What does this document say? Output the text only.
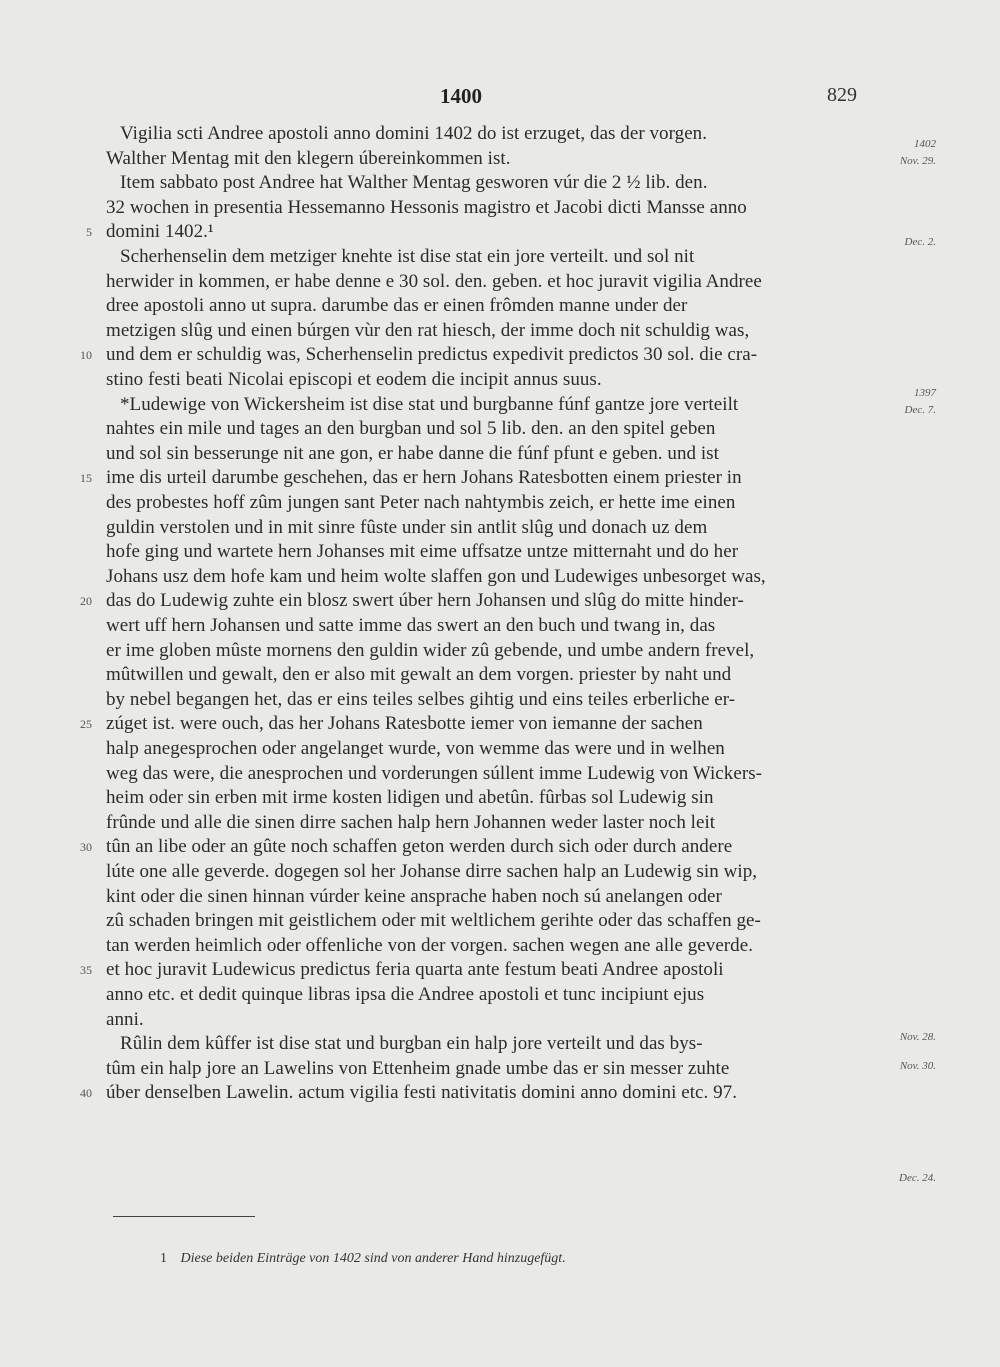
1400	829
Vigilia scti Andree apostoli anno domini 1402 do ist erzuget, das der vorgen.
Walther Mentag mit den klegern úbereinkommen ist.
Item sabbato post Andree hat Walther Mentag gesworen vúr die 2 ½ lib. den.
32 wochen in presentia Hessemanno Hessonis magistro et Jacobi dicti Mansse anno
domini 1402.¹
5
Scherhenselin dem metziger knehte ist dise stat ein jore verteilt. und sol nit
herwider in kommen, er habe denne e 30 sol. den. geben. et hoc juravit vigilia Andree
dree apostoli anno ut supra. darumbe das er einen frômden manne under der
metzigen slûg und einen búrgen vùr den rat hiesch, der imme doch nit schuldig was,
und dem er schuldig was, Scherhenselin predictus expedivit predictos 30 sol. die cra-
10
stino festi beati Nicolai episcopi et eodem die incipit annus suus.
*Ludewige von Wickersheim ist dise stat und burgbanne fúnf gantze jore verteilt
nahtes ein mile und tages an den burgban und sol 5 lib. den. an den spitel geben
und sol sin besserunge nit ane gon, er habe danne die fúnf pfunt e geben. und ist
ime dis urteil darumbe geschehen, das er hern Johans Ratesbotten einem priester in
15
des probestes hoff zûm jungen sant Peter nach nahtymbis zeich, er hette ime einen
guldin verstolen und in mit sinre fûste under sin antlit slûg und donach uz dem
hofe ging und wartete hern Johanses mit eime uffsatze untze mitternaht und do her
Johans usz dem hofe kam und heim wolte slaffen gon und Ludewiges unbesorget was,
das do Ludewig zuhte ein blosz swert úber hern Johansen und slûg do mitte hinder-
20
wert uff hern Johansen und satte imme das swert an den buch und twang in, das
er ime globen mûste mornens den guldin wider zû gebende, und umbe andern frevel,
mûtwillen und gewalt, den er also mit gewalt an dem vorgen. priester by naht und
by nebel begangen het, das er eins teiles selbes gihtig und eins teiles erberliche er-
zúget ist. were ouch, das her Johans Ratesbotte iemer von iemanne der sachen
25
halp anegesprochen oder angelanget wurde, von wemme das were und in welhen
weg das were, die anesprochen und vorderungen súllent imme Ludewig von Wickers-
heim oder sin erben mit irme kosten lidigen und abetûn. fûrbas sol Ludewig sin
frûnde und alle die sinen dirre sachen halp hern Johannen weder laster noch leit
tûn an libe oder an gûte noch schaffen geton werden durch sich oder durch andere
30
lúte one alle geverde. dogegen sol her Johanse dirre sachen halp an Ludewig sin wip,
kint oder die sinen hinnan vúrder keine ansprache haben noch sú anelangen oder
zû schaden bringen mit geistlichem oder mit weltlichem gerihte oder das schaffen ge-
tan werden heimlich oder offenliche von der vorgen. sachen wegen ane alle geverde.
et hoc juravit Ludewicus predictus feria quarta ante festum beati Andree apostoli
35
anno etc. et dedit quinque libras ipsa die Andree apostoli et tunc incipiunt ejus
anni.
Rûlin dem kûffer ist dise stat und burgban ein halp jore verteilt und das bys-
tûm ein halp jore an Lawelins von Ettenheim gnade umbe das er sin messer zuhte
úber denselben Lawelin. actum vigilia festi nativitatis domini anno domini etc. 97.
40
1402
Nov. 29.
Dec. 2.
1397
Dec. 7.
Nov. 28.
Nov. 30.
Dec. 24.
1 Diese beiden Einträge von 1402 sind von anderer Hand hinzugefügt.
